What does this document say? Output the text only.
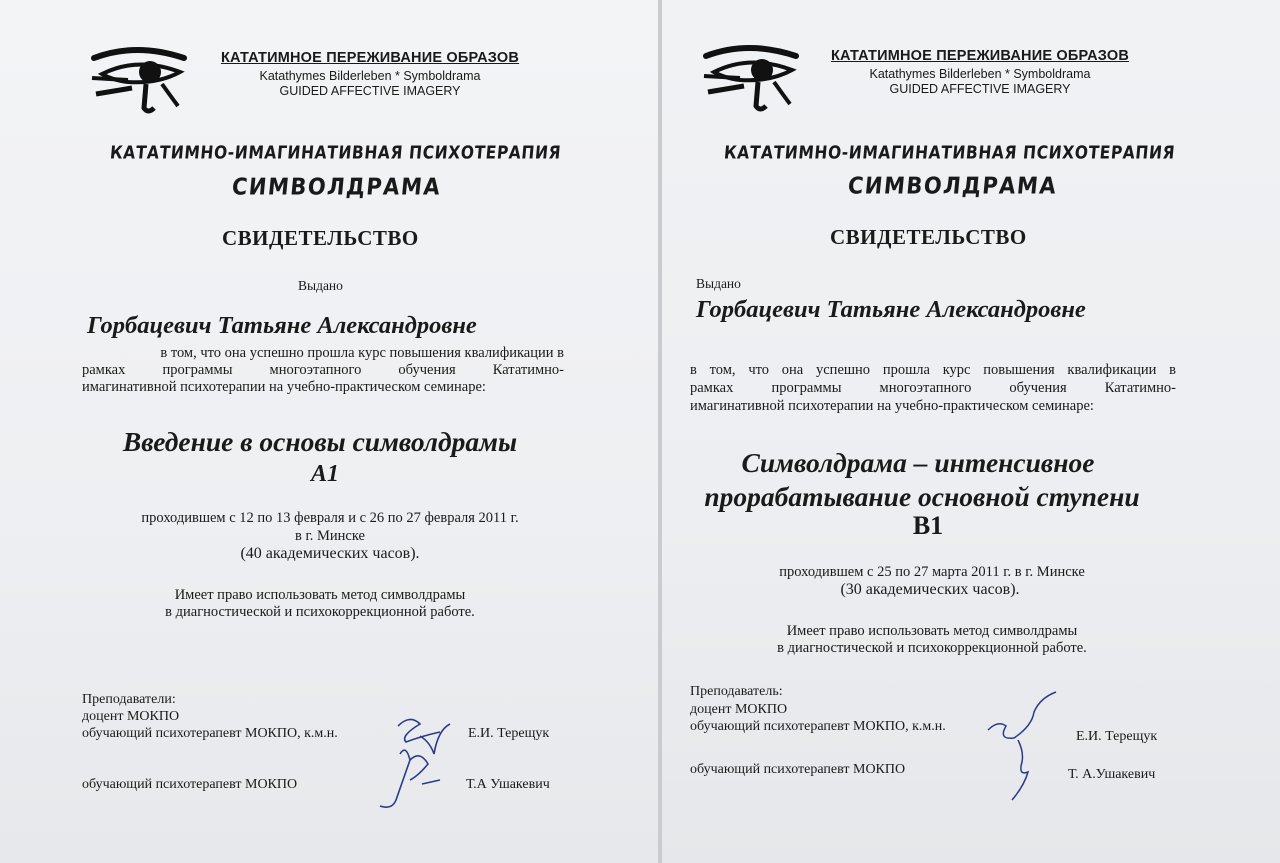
КАТАТИМНОЕ ПЕРЕЖИВАНИЕ ОБРАЗОВ
Katathymes Bilderleben * Symboldrama
GUIDED AFFECTIVE IMAGERY
КАТАТИМНО-ИМАГИНАТИВНАЯ ПСИХОТЕРАПИЯ
СИМВОЛДРАМА
СВИДЕТЕЛЬСТВО
Выдано
Горбацевич Татьяне Александровне
в том, что она успешно прошла курс повышения квалификации в
рамках программы многоэтапного обучения Кататимно-
имагинативной психотерапии на учебно-практическом семинаре:
Введение в основы символдрамы
А1
проходившем с 12 по 13 февраля и с 26 по 27 февраля 2011 г.
в г. Минске
(40 академических часов).
Имеет право использовать метод символдрамы
в диагностической и психокоррекционной работе.
Преподаватели:
доцент МОКПО
обучающий психотерапевт МОКПО, к.м.н.	Е.И. Терещук
обучающий психотерапевт МОКПО	Т.А Ушакевич
КАТАТИМНОЕ ПЕРЕЖИВАНИЕ ОБРАЗОВ
Katathymes Bilderleben * Symboldrama
GUIDED AFFECTIVE IMAGERY
КАТАТИМНО-ИМАГИНАТИВНАЯ ПСИХОТЕРАПИЯ
СИМВОЛДРАМА
СВИДЕТЕЛЬСТВО
Выдано
Горбацевич Татьяне Александровне
в том, что она успешно прошла курс повышения квалификации в
рамках программы многоэтапного обучения Кататимно-
имагинативной психотерапии на учебно-практическом семинаре:
Символдрама – интенсивное
прорабатывание основной ступени
В1
проходившем с 25 по 27 марта 2011 г. в г. Минске
(30 академических часов).
Имеет право использовать метод символдрамы
в диагностической и психокоррекционной работе.
Преподаватель:
доцент МОКПО
обучающий психотерапевт МОКПО, к.м.н.
Е.И. Терещук
обучающий психотерапевт МОКПО	Т. А.Ушакевич
